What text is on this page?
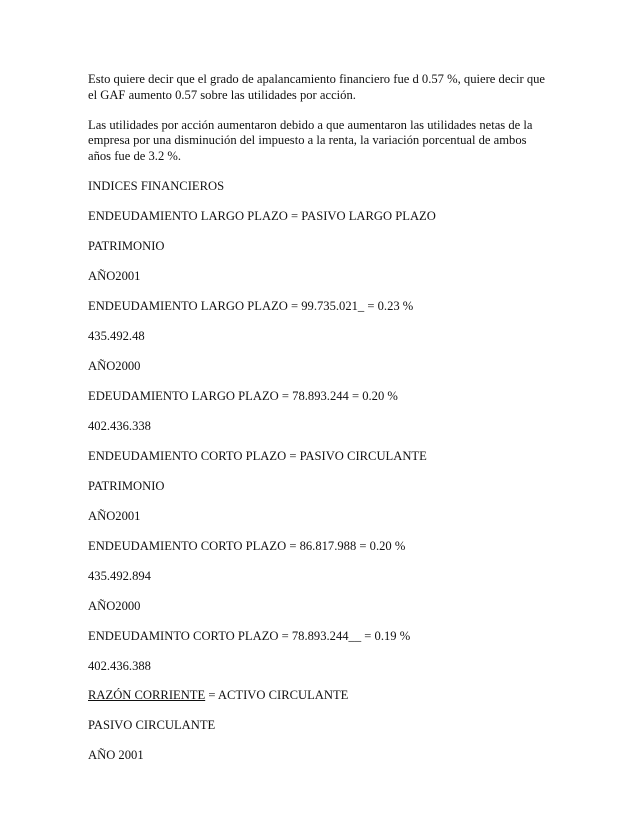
Esto quiere decir que el grado de apalancamiento financiero fue d 0.57 %, quiere decir que
el GAF aumento 0.57 sobre las utilidades por acción.

Las utilidades por acción aumentaron debido a que aumentaron las utilidades netas de la
empresa por una disminución del impuesto a la renta, la variación porcentual de ambos
años fue de 3.2 %.

INDICES FINANCIEROS

ENDEUDAMIENTO LARGO PLAZO = PASIVO LARGO PLAZO

PATRIMONIO

AÑO2001

ENDEUDAMIENTO LARGO PLAZO = 99.735.021_ = 0.23 %

435.492.48

AÑO2000

EDEUDAMIENTO LARGO PLAZO = 78.893.244 = 0.20 %

402.436.338

ENDEUDAMIENTO CORTO PLAZO = PASIVO CIRCULANTE

PATRIMONIO

AÑO2001

ENDEUDAMIENTO CORTO PLAZO = 86.817.988 = 0.20 %

435.492.894

AÑO2000

ENDEUDAMINTO CORTO PLAZO = 78.893.244__ = 0.19 %

402.436.388

RAZÓN CORRIENTE = ACTIVO CIRCULANTE

PASIVO CIRCULANTE

AÑO 2001
